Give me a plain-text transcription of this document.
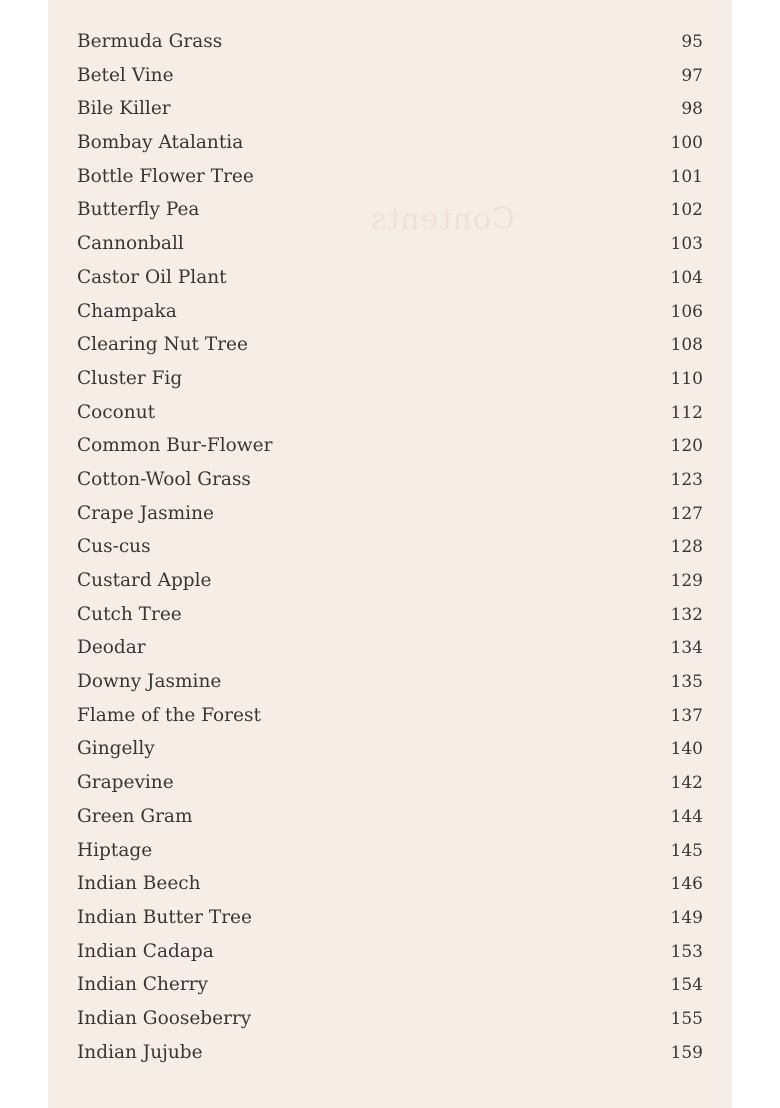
Contents
Bermuda Grass	95
Betel Vine	97
Bile Killer	98
Bombay Atalantia	100
Bottle Flower Tree	101
Butterfly Pea	102
Cannonball	103
Castor Oil Plant	104
Champaka	106
Clearing Nut Tree	108
Cluster Fig	110
Coconut	112
Common Bur-Flower	120
Cotton-Wool Grass	123
Crape Jasmine	127
Cus-cus	128
Custard Apple	129
Cutch Tree	132
Deodar	134
Downy Jasmine	135
Flame of the Forest	137
Gingelly	140
Grapevine	142
Green Gram	144
Hiptage	145
Indian Beech	146
Indian Butter Tree	149
Indian Cadapa	153
Indian Cherry	154
Indian Gooseberry	155
Indian Jujube	159
